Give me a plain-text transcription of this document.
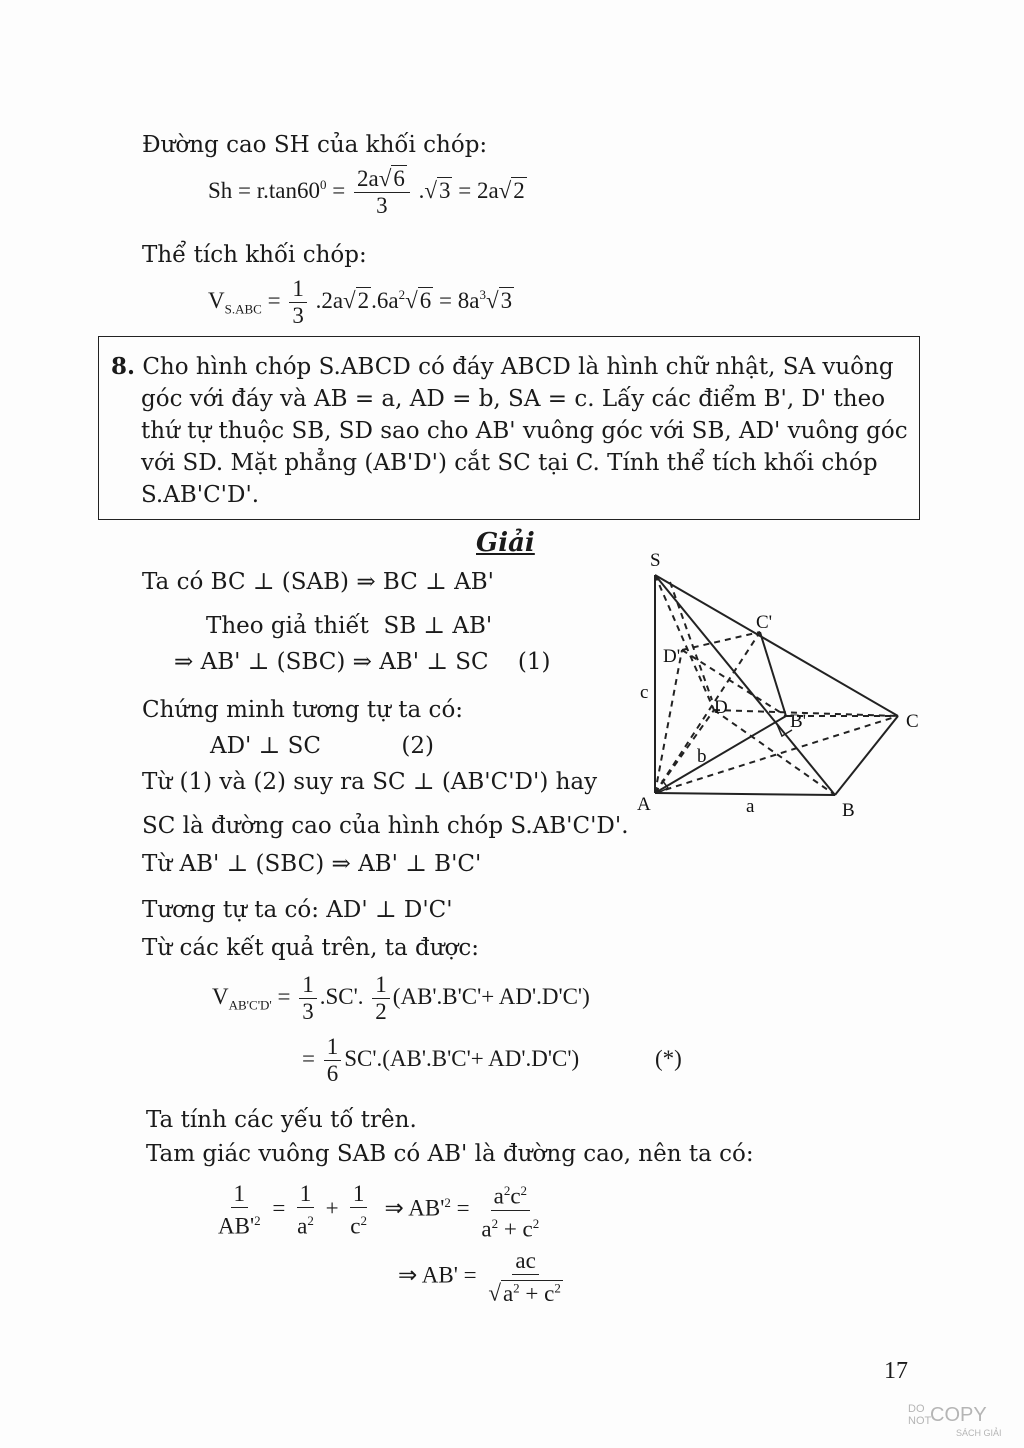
Đường cao SH của khối chóp:
$Sh = r.\tan 60^0 = \frac{2a√6}{3} .√3 = 2a√2$
Thể tích khối chóp:
$V_{S.ABC} = \frac{1}{3} .2a√2.6a^2√6 = 8a^3√3$

8. Cho hình chóp S.ABCD có đáy ABCD là hình chữ nhật, SA vuông

góc với đáy và AB = a, AD = b, SA = c. Lấy các điểm B', D' theo

thứ tự thuộc SB, SD sao cho AB' vuông góc với SB, AD' vuông góc

với SD. Mặt phẳng (AB'D') cắt SC tại C. Tính thể tích khối chóp

S.AB'C'D'.

Giải
Ta có BC ⊥ (SAB) ⇒ BC ⊥ AB'
Theo giả thiết  SB ⊥ AB'
⇒ AB' ⊥ (SBC) ⇒ AB' ⊥ SC    (1)
Chứng minh tương tự ta có:
AD' ⊥ SC           (2)
Từ (1) và (2) suy ra SC ⊥ (AB'C'D') hay
SC là đường cao của hình chóp S.AB'C'D'.
Từ AB' ⊥ (SBC) ⇒ AB' ⊥ B'C'
Tương tự ta có: AD' ⊥ D'C'
Từ các kết quả trên, ta được:
$V_{AB'C'D'} = \frac{1}{3} .SC'$. $\frac{1}{2} (AB'.B'C'+ AD'.D'C')$
= $\frac{1}{6} SC'.(AB'.B'C'+ AD'.D'C')$	(*)
Ta tính các yếu tố trên.
Tam giác vuông SAB có AB' là đường cao, nên ta có:
$\frac{1}{AB'^2} = \frac{1}{a^2} + \frac{1}{c^2}$ ⇒ $AB'^2 = \frac{a^2c^2}{a^2 + c^2}$
⇒ $AB' = \frac{ac}{√a^2 + c^2}$
S
A	B
C
D
B'
C'
D'
a
b
c
17
DO
NOT
COPY
SÁCH GIẢI
